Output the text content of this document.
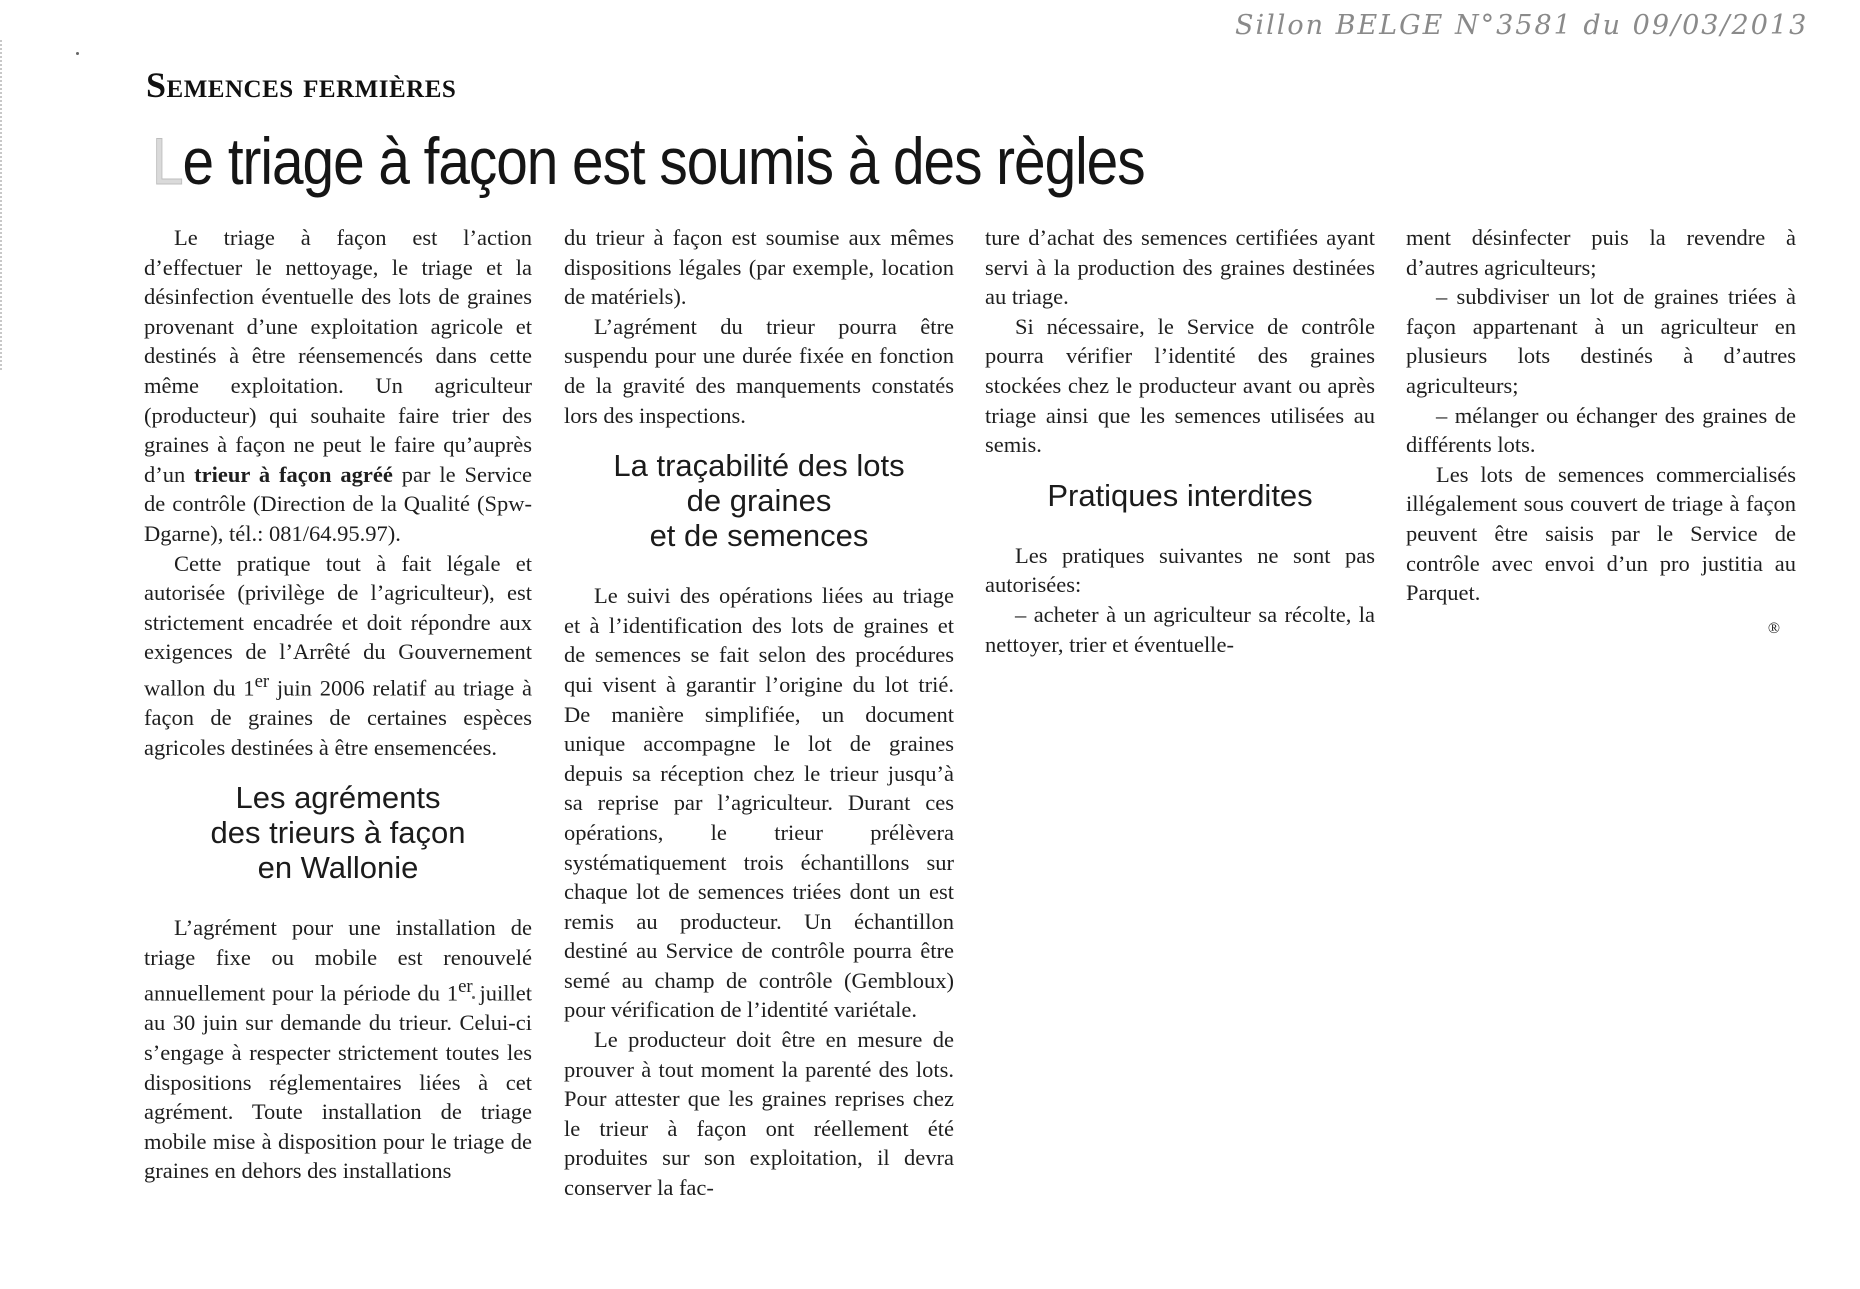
Sillon BELGE N°3581 du 09/03/2013
Semences fermières
Le triage à façon est soumis à des règles

Le triage à façon est l’action d’effectuer le nettoyage, le triage et la désinfection éventuelle des lots de graines provenant d’une exploitation agricole et destinés à être réensemencés dans cette même exploitation. Un agriculteur (producteur) qui souhaite faire trier des graines à façon ne peut le faire qu’auprès d’un trieur à façon agréé par le Service de contrôle (Direction de la Qualité (Spw-Dgarne), tél.: 081/64.95.97).

Cette pratique tout à fait légale et autorisée (privilège de l’agriculteur), est strictement encadrée et doit répondre aux exigences de l’Arrêté du Gouvernement wallon du 1er juin 2006 relatif au triage à façon de graines de certaines espèces agricoles destinées à être ensemencées.

Les agréments
des trieurs à façon
en Wallonie

L’agrément pour une installation de triage fixe ou mobile est renouvelé annuellement pour la période du 1er juillet au 30 juin sur demande du trieur. Celui-ci s’engage à respecter strictement toutes les dispositions réglementaires liées à cet agrément. Toute installation de triage mobile mise à disposition pour le triage de graines en dehors des installations

du trieur à façon est soumise aux mêmes dispositions légales (par exemple, location de matériels).

L’agrément du trieur pourra être suspendu pour une durée fixée en fonction de la gravité des manquements constatés lors des inspections.

La traçabilité des lots
de graines
et de semences

Le suivi des opérations liées au triage et à l’identification des lots de graines et de semences se fait selon des procédures qui visent à garantir l’origine du lot trié. De manière simplifiée, un document unique accompagne le lot de graines depuis sa réception chez le trieur jusqu’à sa reprise par l’agriculteur. Durant ces opérations, le trieur prélèvera systématiquement trois échantillons sur chaque lot de semences triées dont un est remis au producteur. Un échantillon destiné au Service de contrôle pourra être semé au champ de contrôle (Gembloux) pour vérification de l’identité variétale.

Le producteur doit être en mesure de prouver à tout moment la parenté des lots. Pour attester que les graines reprises chez le trieur à façon ont réellement été produites sur son exploitation, il devra conserver la fac-

ture d’achat des semences certifiées ayant servi à la production des graines destinées au triage.

Si nécessaire, le Service de contrôle pourra vérifier l’identité des graines stockées chez le producteur avant ou après triage ainsi que les semences utilisées au semis.

Pratiques interdites

Les pratiques suivantes ne sont pas autorisées:

– acheter à un agriculteur sa récolte, la nettoyer, trier et éventuelle-

ment désinfecter puis la revendre à d’autres agriculteurs;

– subdiviser un lot de graines triées à façon appartenant à un agriculteur en plusieurs lots destinés à d’autres agriculteurs;

– mélanger ou échanger des graines de différents lots.

Les lots de semences commercialisés illégalement sous couvert de triage à façon peuvent être saisis par le Service de contrôle avec envoi d’un pro justitia au Parquet.

®
